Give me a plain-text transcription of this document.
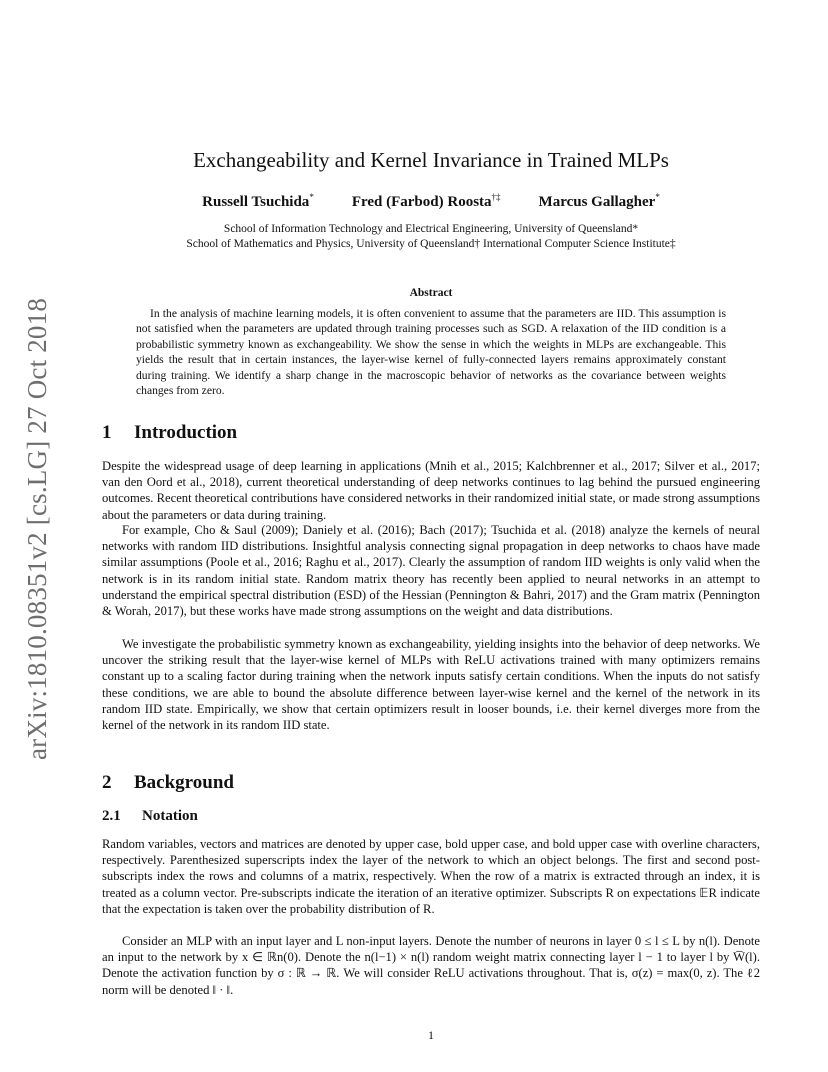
arXiv:1810.08351v2 [cs.LG] 27 Oct 2018
Exchangeability and Kernel Invariance in Trained MLPs
Russell Tsuchida*	Fred (Farbod) Roosta†‡	Marcus Gallagher*
School of Information Technology and Electrical Engineering, University of Queensland*
School of Mathematics and Physics, University of Queensland† International Computer Science Institute‡
Abstract

In the analysis of machine learning models, it is often convenient to assume that the parameters are IID. This assumption is not satisfied when the parameters are updated through training processes such as SGD. A relaxation of the IID condition is a probabilistic symmetry known as exchangeability. We show the sense in which the weights in MLPs are exchangeable. This yields the result that in certain instances, the layer-wise kernel of fully-connected layers remains approximately constant during training. We identify a sharp change in the macroscopic behavior of networks as the covariance between weights changes from zero.

1 Introduction

Despite the widespread usage of deep learning in applications (Mnih et al., 2015; Kalchbrenner et al., 2017; Silver et al., 2017; van den Oord et al., 2018), current theoretical understanding of deep networks continues to lag behind the pursued engineering outcomes. Recent theoretical contributions have considered networks in their randomized initial state, or made strong assumptions about the parameters or data during training.

For example, Cho & Saul (2009); Daniely et al. (2016); Bach (2017); Tsuchida et al. (2018) analyze the kernels of neural networks with random IID distributions. Insightful analysis connecting signal propagation in deep networks to chaos have made similar assumptions (Poole et al., 2016; Raghu et al., 2017). Clearly the assumption of random IID weights is only valid when the network is in its random initial state. Random matrix theory has recently been applied to neural networks in an attempt to understand the empirical spectral distribution (ESD) of the Hessian (Pennington & Bahri, 2017) and the Gram matrix (Pennington & Worah, 2017), but these works have made strong assumptions on the weight and data distributions.

We investigate the probabilistic symmetry known as exchangeability, yielding insights into the behavior of deep networks. We uncover the striking result that the layer-wise kernel of MLPs with ReLU activations trained with many optimizers remains constant up to a scaling factor during training when the network inputs satisfy certain conditions. When the inputs do not satisfy these conditions, we are able to bound the absolute difference between layer-wise kernel and the kernel of the network in its random IID state. Empirically, we show that certain optimizers result in looser bounds, i.e. their kernel diverges more from the kernel of the network in its random IID state.

2 Background
2.1 Notation

Random variables, vectors and matrices are denoted by upper case, bold upper case, and bold upper case with overline characters, respectively. Parenthesized superscripts index the layer of the network to which an object belongs. The first and second post-subscripts index the rows and columns of a matrix, respectively. When the row of a matrix is extracted through an index, it is treated as a column vector. Pre-subscripts indicate the iteration of an iterative optimizer. Subscripts R on expectations 𝔼R indicate that the expectation is taken over the probability distribution of R.

Consider an MLP with an input layer and L non-input layers. Denote the number of neurons in layer 0 ≤ l ≤ L by n(l). Denote an input to the network by x ∈ ℝn(0). Denote the n(l−1) × n(l) random weight matrix connecting layer l − 1 to layer l by W̅(l). Denote the activation function by σ : ℝ → ℝ. We will consider ReLU activations throughout. That is, σ(z) = max(0, z). The ℓ2 norm will be denoted ‖ · ‖.

1
